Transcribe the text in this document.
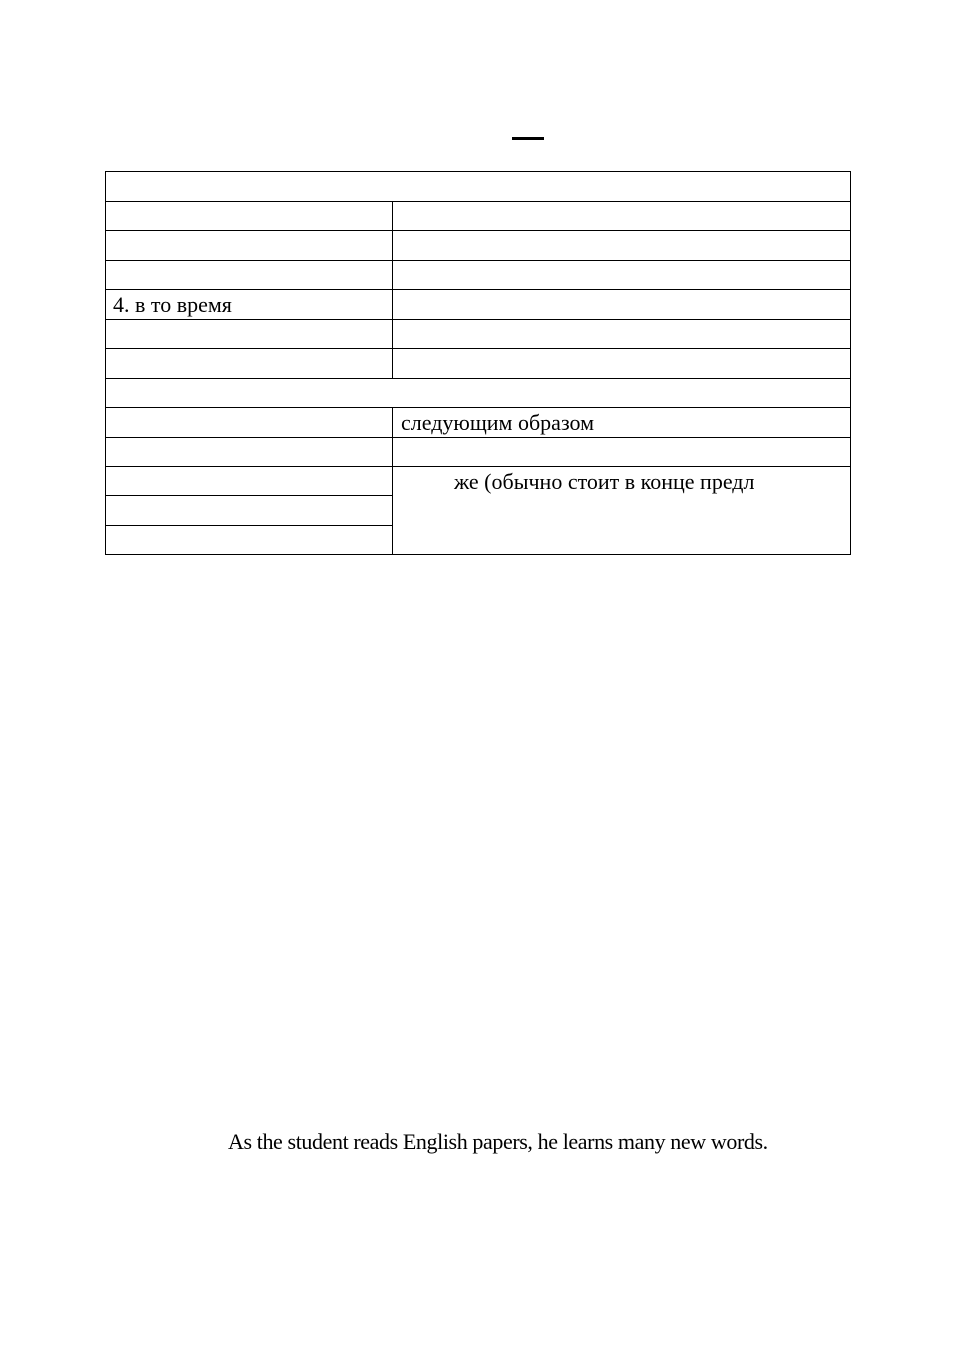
4. в то время
следующим образом
же (обычно стоит в конце предл
As the student reads English papers, he learns many new words.
